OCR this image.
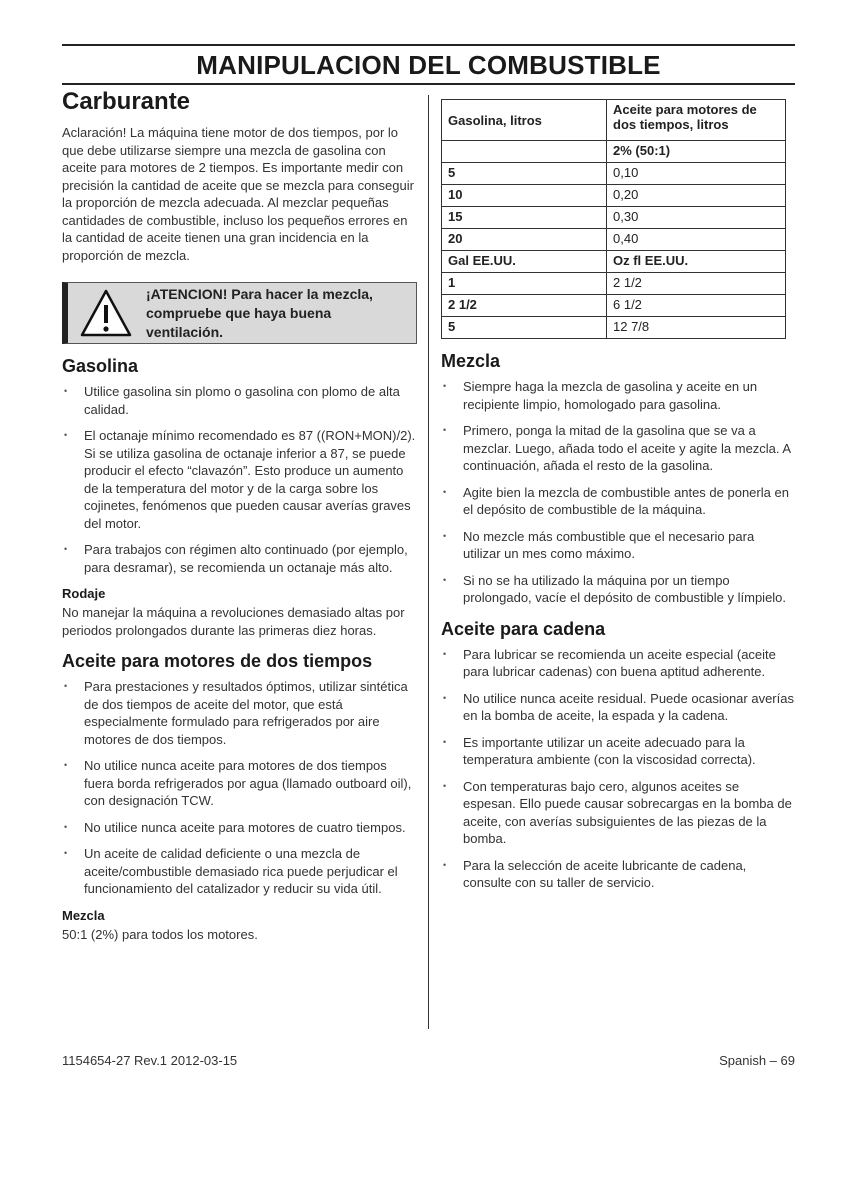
MANIPULACION DEL COMBUSTIBLE
Carburante

Aclaración! La máquina tiene motor de dos tiempos, por lo que debe utilizarse siempre una mezcla de gasolina con aceite para motores de 2 tiempos. Es importante medir con precisión la cantidad de aceite que se mezcla para conseguir la proporción de mezcla adecuada. Al mezclar pequeñas cantidades de combustible, incluso los pequeños errores en la cantidad de aceite tienen una gran incidencia en la proporción de mezcla.

¡ATENCION! Para hacer la mezcla,
compruebe que haya buena ventilación.
Gasolina
• Utilice gasolina sin plomo o gasolina con plomo de alta calidad.
• El octanaje mínimo recomendado es 87 ((RON+MON)/2). Si se utiliza gasolina de octanaje inferior a 87, se puede producir el efecto “clavazón”. Esto produce un aumento de la temperatura del motor y de la carga sobre los cojinetes, fenómenos que pueden causar averías graves del motor.
• Para trabajos con régimen alto continuado (por ejemplo, para desramar), se recomienda un octanaje más alto.
Rodaje

No manejar la máquina a revoluciones demasiado altas por periodos prolongados durante las primeras diez horas.

Aceite para motores de dos tiempos
• Para prestaciones y resultados óptimos, utilizar sintética de dos tiempos de aceite del motor, que está especialmente formulado para refrigerados por aire motores de dos tiempos.
• No utilice nunca aceite para motores de dos tiempos fuera borda refrigerados por agua (llamado outboard oil), con designación TCW.
• No utilice nunca aceite para motores de cuatro tiempos.
• Un aceite de calidad deficiente o una mezcla de aceite/combustible demasiado rica puede perjudicar el funcionamiento del catalizador y reducir su vida útil.
Mezcla

50:1 (2%) para todos los motores.

Gasolina, litros	Aceite para motores de dos tiempos, litros
	2% (50:1)
5	0,10
10	0,20
15	0,30
20	0,40
Gal EE.UU.	Oz fl EE.UU.
1	2 1/2
2 1/2	6 1/2
5	12 7/8
Mezcla
• Siempre haga la mezcla de gasolina y aceite en un recipiente limpio, homologado para gasolina.
• Primero, ponga la mitad de la gasolina que se va a mezclar. Luego, añada todo el aceite y agite la mezcla. A continuación, añada el resto de la gasolina.
• Agite bien la mezcla de combustible antes de ponerla en el depósito de combustible de la máquina.
• No mezcle más combustible que el necesario para utilizar un mes como máximo.
• Si no se ha utilizado la máquina por un tiempo prolongado, vacíe el depósito de combustible y límpielo.
Aceite para cadena
• Para lubricar se recomienda un aceite especial (aceite para lubricar cadenas) con buena aptitud adherente.
• No utilice nunca aceite residual. Puede ocasionar averías en la bomba de aceite, la espada y la cadena.
• Es importante utilizar un aceite adecuado para la temperatura ambiente (con la viscosidad correcta).
• Con temperaturas bajo cero, algunos aceites se espesan. Ello puede causar sobrecargas en la bomba de aceite, con averías subsiguientes de las piezas de la bomba.
• Para la selección de aceite lubricante de cadena, consulte con su taller de servicio.
1154654-27 Rev.1 2012-03-15	Spanish – 69
